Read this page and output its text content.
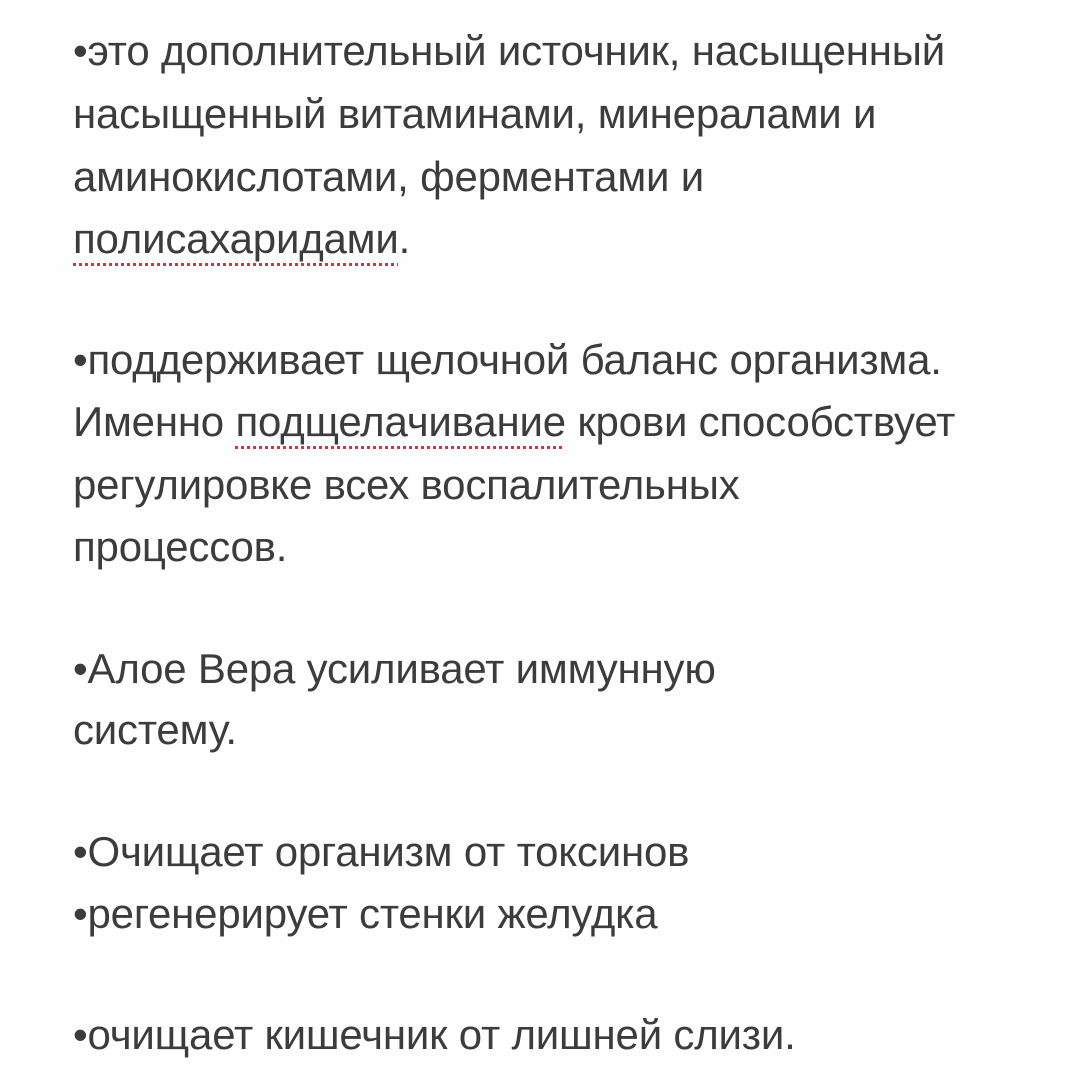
•это дополнительный источник, насыщенный

насыщенный витаминами, минералами и

аминокислотами, ферментами и

полисахаридами.

•поддерживает щелочной баланс организма.

Именно подщелачивание крови способствует

регулировке всех воспалительных

процессов.

•Алое Вера усиливает иммунную

систему.

•Очищает организм от токсинов

•регенерирует стенки желудка

•очищает кишечник от лишней слизи.
